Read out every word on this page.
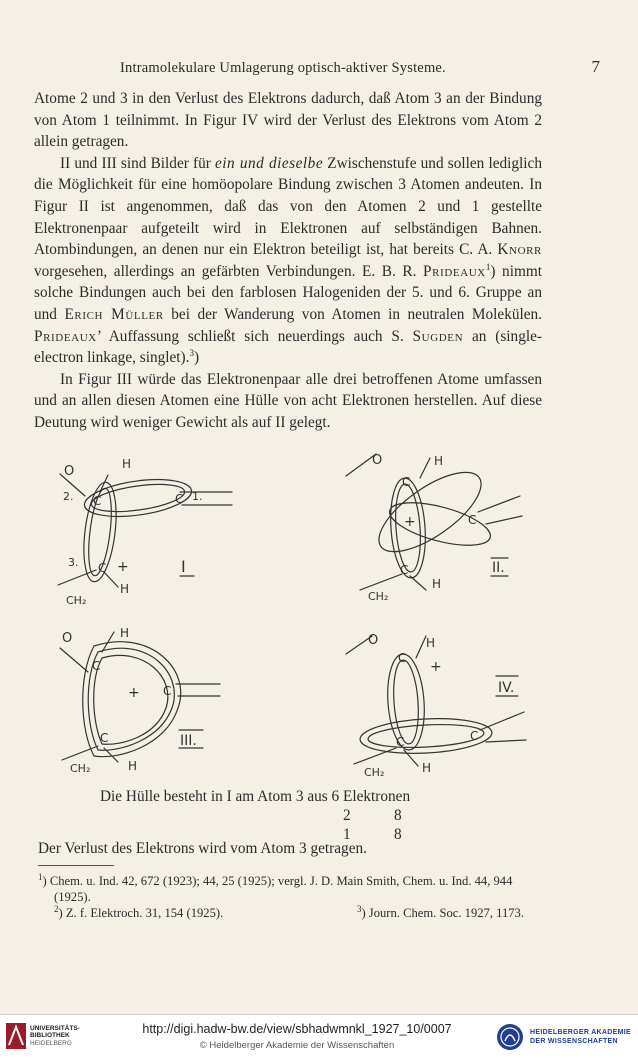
Intramolekulare Umlagerung optisch-aktiver Systeme.	7

Atome 2 und 3 in den Verlust des Elektrons dadurch, daß Atom 3 an der Bindung von Atom 1 teilnimmt. In Figur IV wird der Verlust des Elektrons vom Atom 2 allein getragen.

II und III sind Bilder für ein und dieselbe Zwischenstufe und sollen lediglich die Möglichkeit für eine homöopolare Bindung zwischen 3 Atomen andeuten. In Figur II ist angenommen, daß das von den Atomen 2 und 1 gestellte Elektronenpaar aufgeteilt wird in Elektronen auf selbständigen Bahnen. Atombindungen, an denen nur ein Elektron beteiligt ist, hat bereits C. A. Knorr vorgesehen, allerdings an gefärbten Verbindungen. E. B. R. Prideaux$^1$) nimmt solche Bindungen auch bei den farblosen Halogeniden der 5. und 6. Gruppe an und Erich Müller bei der Wanderung von Atomen in neutralen Molekülen. Prideaux’ Auffassung schließt sich neuerdings auch S. Sugden an (single-electron linkage, singlet).$^3$)

In Figur III würde das Elektronenpaar alle drei betroffenen Atome umfassen und an allen diesen Atomen eine Hülle von acht Elektronen herstellen. Auf diese Deutung wird weniger Gewicht als auf II gelegt.

C	C
C
O	H
H
CH₂
+
2.	1.
3.	I
C
C
C
O	H
H
CH₂
+
II.
C
C
C
O	H
H
CH₂
+
III.
C
C	C
O	H
H
CH₂
+
IV.
Die Hülle besteht in I am Atom 3 aus 6 Elektronen
2	8
1	8
Der Verlust des Elektrons wird vom Atom 3 getragen.

$^1$) Chem. u. Ind. 42, 672 (1923); 44, 25 (1925); vergl. J. D. Main Smith, Chem. u. Ind. 44, 944 (1925).

$^2$) Z. f. Elektroch. 31, 154 (1925).	$^3$) Journ. Chem. Soc. 1927, 1173.
UNIVERSITÄTS-
BIBLIOTHEK
HEIDELBERG
http://digi.hadw-bw.de/view/sbhadwmnkl_1927_10/0007
© Heidelberger Akademie der Wissenschaften
HEIDELBERGER AKADEMIE
DER WISSENSCHAFTEN
